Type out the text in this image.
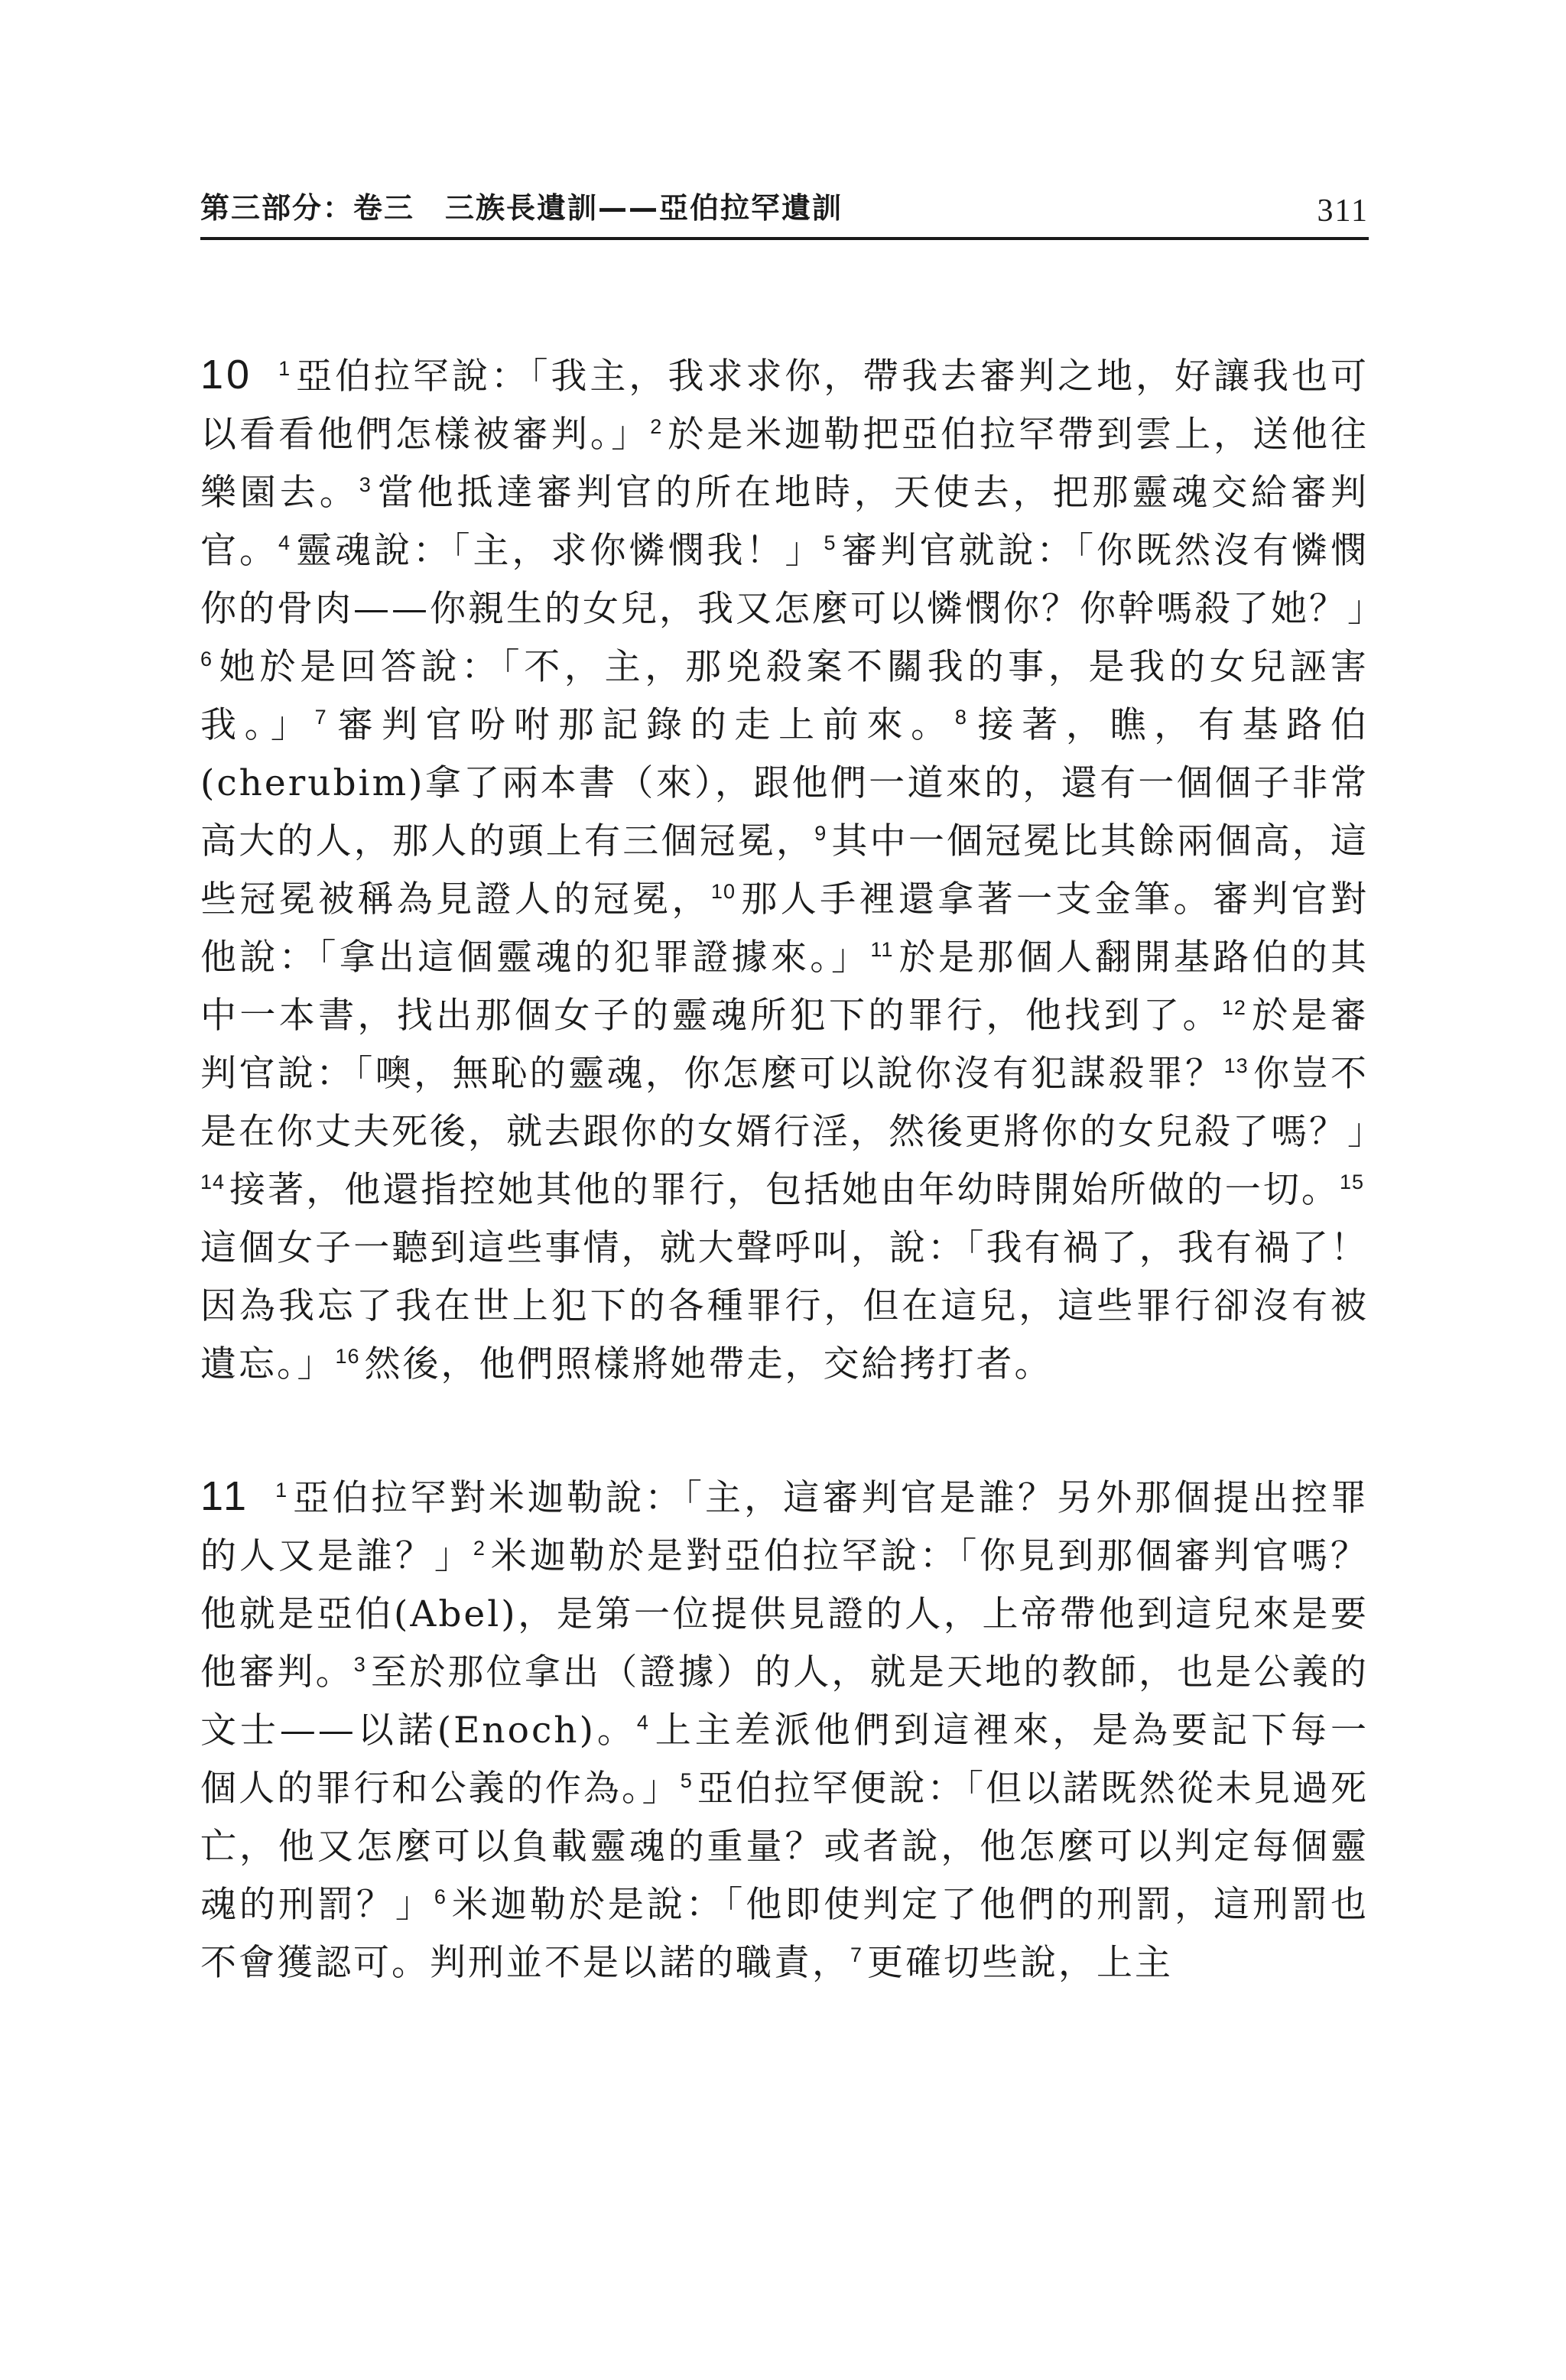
第三部分：卷三　三族長遺訓——亞伯拉罕遺訓	311

10 $^1$ 亞伯拉罕說：「我主，我求求你，帶我去審判之地，好讓我也可以看看他們怎樣被審判。」$^2$ 於是米迦勒把亞伯拉罕帶到雲上，送他往樂園去。$^3$ 當他抵達審判官的所在地時，天使去，把那靈魂交給審判官。$^4$ 靈魂說：「主，求你憐憫我！」$^5$ 審判官就說：「你既然沒有憐憫你的骨肉——你親生的女兒，我又怎麼可以憐憫你？你幹嗎殺了她？」$^6$ 她於是回答說：「不，主，那兇殺案不關我的事，是我的女兒誣害我。」$^7$ 審判官吩咐那記錄的走上前來。$^8$ 接著，瞧，有基路伯(cherubim)拿了兩本書（來），跟他們一道來的，還有一個個子非常高大的人，那人的頭上有三個冠冕，$^9$ 其中一個冠冕比其餘兩個高，這些冠冕被稱為見證人的冠冕，$^{10}$ 那人手裡還拿著一支金筆。審判官對他說：「拿出這個靈魂的犯罪證據來。」$^{11}$ 於是那個人翻開基路伯的其中一本書，找出那個女子的靈魂所犯下的罪行，他找到了。$^{12}$ 於是審判官說：「噢，無恥的靈魂，你怎麼可以說你沒有犯謀殺罪？$^{13}$ 你豈不是在你丈夫死後，就去跟你的女婿行淫，然後更將你的女兒殺了嗎？」$^{14}$ 接著，他還指控她其他的罪行，包括她由年幼時開始所做的一切。$^{15}$這個女子一聽到這些事情，就大聲呼叫，說：「我有禍了，我有禍了！因為我忘了我在世上犯下的各種罪行，但在這兒，這些罪行卻沒有被遺忘。」$^{16}$ 然後，他們照樣將她帶走，交給拷打者。

11 $^1$ 亞伯拉罕對米迦勒說：「主，這審判官是誰？另外那個提出控罪的人又是誰？」$^2$ 米迦勒於是對亞伯拉罕說：「你見到那個審判官嗎？他就是亞伯(Abel)，是第一位提供見證的人，上帝帶他到這兒來是要他審判。$^3$ 至於那位拿出（證據）的人，就是天地的教師，也是公義的文士——以諾(Enoch)。$^4$ 上主差派他們到這裡來，是為要記下每一個人的罪行和公義的作為。」$^5$ 亞伯拉罕便說：「但以諾既然從未見過死亡，他又怎麼可以負載靈魂的重量？或者說，他怎麼可以判定每個靈魂的刑罰？」$^6$ 米迦勒於是說：「他即使判定了他們的刑罰，這刑罰也不會獲認可。判刑並不是以諾的職責，$^7$ 更確切些說，上主
